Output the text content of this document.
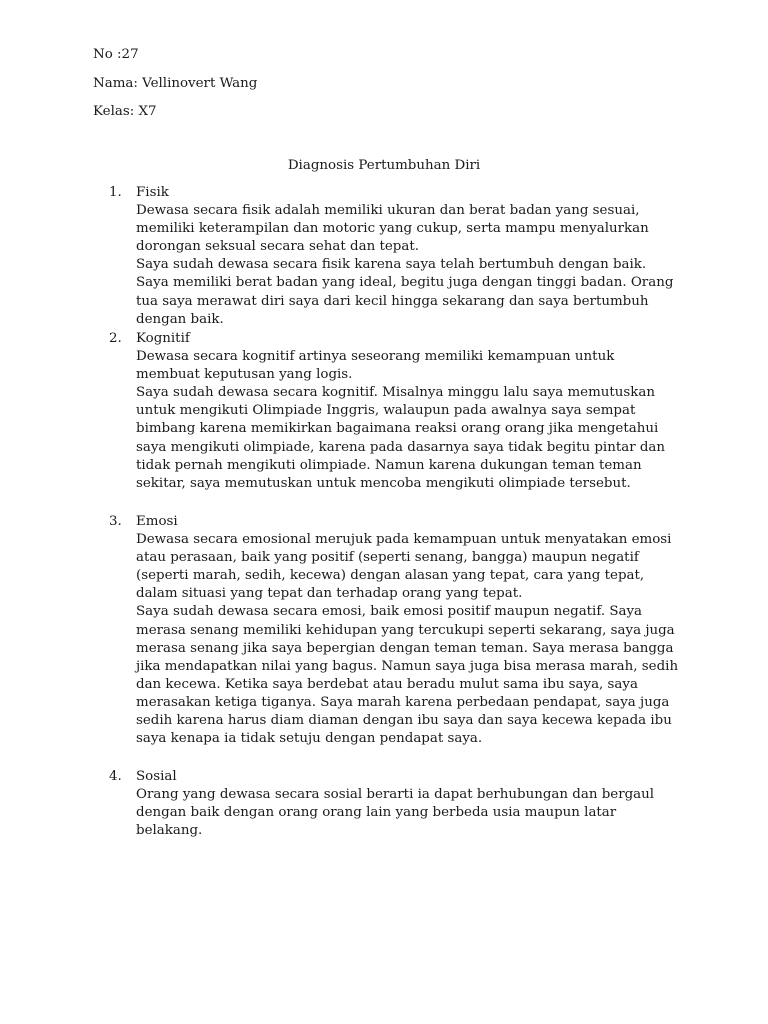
No :27
Nama: Vellinovert Wang
Kelas: X7
Diagnosis Pertumbuhan Diri
1. Fisik
Dewasa secara fisik adalah memiliki ukuran dan berat badan yang sesuai, memiliki keterampilan dan motoric yang cukup, serta mampu menyalurkan dorongan seksual secara sehat dan tepat.
Saya sudah dewasa secara fisik karena saya telah bertumbuh dengan baik. Saya memiliki berat badan yang ideal, begitu juga dengan tinggi badan. Orang tua saya merawat diri saya dari kecil hingga sekarang dan saya bertumbuh dengan baik.
2. Kognitif
Dewasa secara kognitif artinya seseorang memiliki kemampuan untuk membuat keputusan yang logis.
Saya sudah dewasa secara kognitif. Misalnya minggu lalu saya memutuskan untuk mengikuti Olimpiade Inggris, walaupun pada awalnya saya sempat bimbang karena memikirkan bagaimana reaksi orang orang jika mengetahui saya mengikuti olimpiade, karena pada dasarnya saya tidak begitu pintar dan tidak pernah mengikuti olimpiade. Namun karena dukungan teman teman sekitar, saya memutuskan untuk mencoba mengikuti olimpiade tersebut.
3. Emosi
Dewasa secara emosional merujuk pada kemampuan untuk menyatakan emosi atau perasaan, baik yang positif (seperti senang, bangga) maupun negatif (seperti marah, sedih, kecewa) dengan alasan yang tepat, cara yang tepat, dalam situasi yang tepat dan terhadap orang yang tepat.
Saya sudah dewasa secara emosi, baik emosi positif maupun negatif. Saya merasa senang memiliki kehidupan yang tercukupi seperti sekarang, saya juga merasa senang jika saya bepergian dengan teman teman. Saya merasa bangga jika mendapatkan nilai yang bagus. Namun saya juga bisa merasa marah, sedih dan kecewa. Ketika saya berdebat atau beradu mulut sama ibu saya, saya merasakan ketiga tiganya. Saya marah karena perbedaan pendapat, saya juga sedih karena harus diam diaman dengan ibu saya dan saya kecewa kepada ibu saya kenapa ia tidak setuju dengan pendapat saya.
4. Sosial
Orang yang dewasa secara sosial berarti ia dapat berhubungan dan bergaul dengan baik dengan orang orang lain yang berbeda usia maupun latar belakang.
